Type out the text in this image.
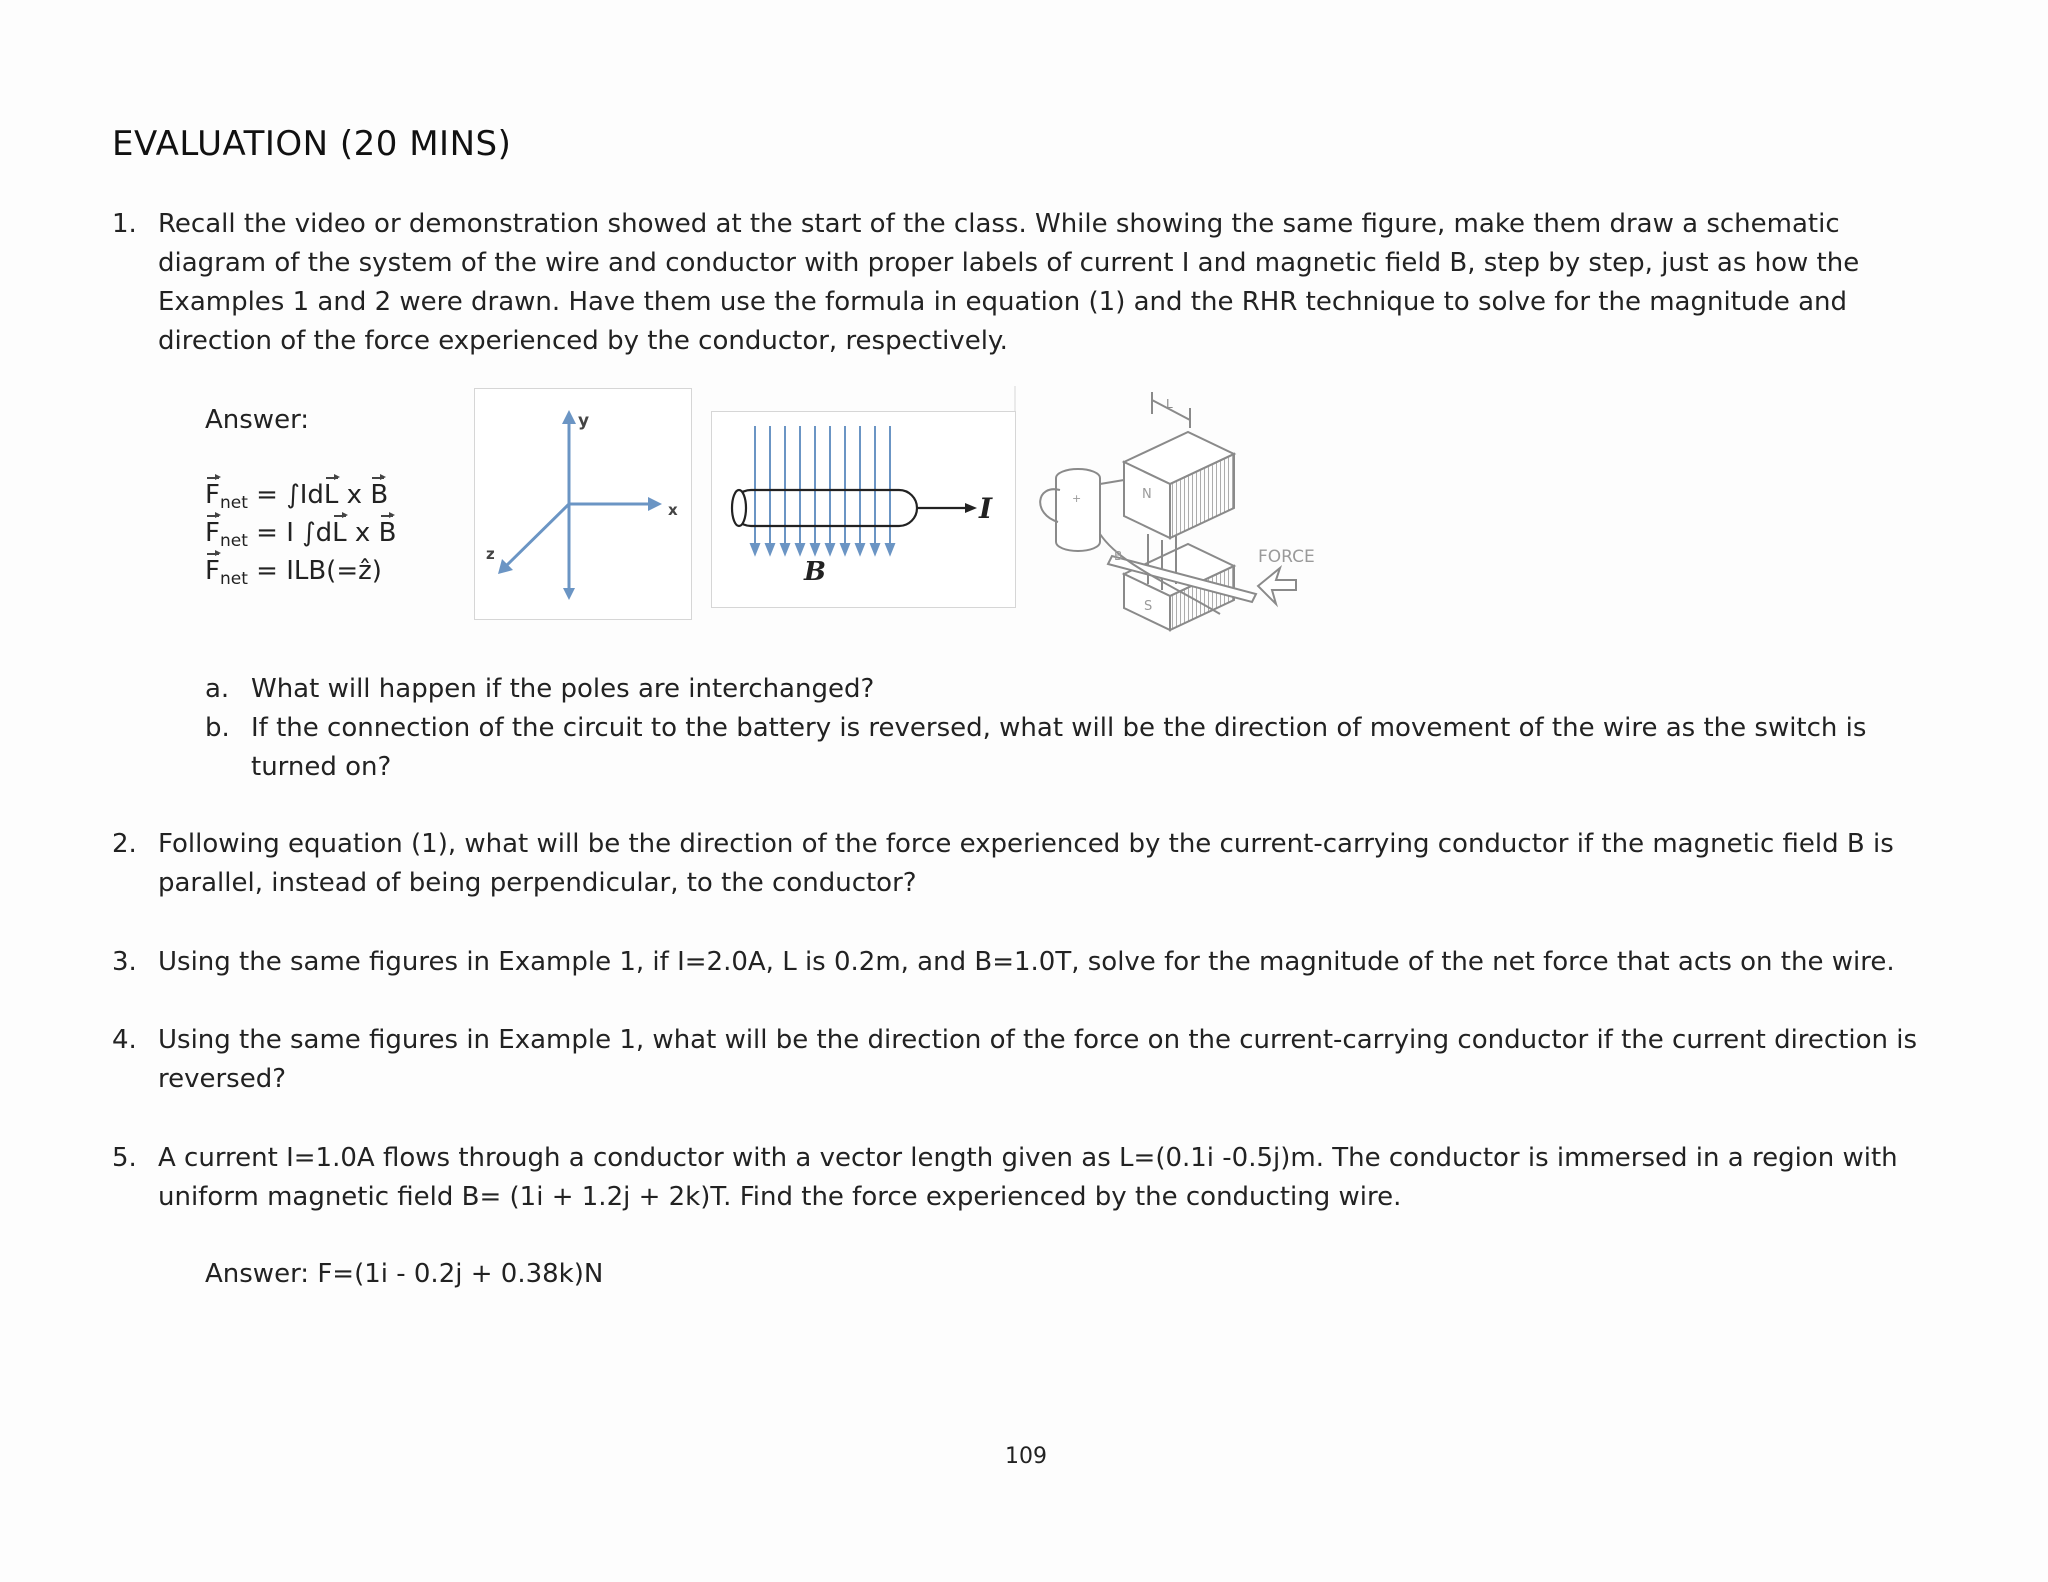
EVALUATION (20 MINS)
1. Recall the video or demonstration showed at the start of the class. While showing the same figure, make them draw a schematic diagram of the system of the wire and conductor with proper labels of current I and magnetic field B, step by step, just as how the Examples 1 and 2 were drawn. Have them use the formula in equation (1) and the RHR technique to solve for the magnitude and direction of the force experienced by the conductor, respectively.
Answer:
$F_{net} = \int IdL$ x B
$F_{net} = I$ ∫dL x B
$F_{net}$ = ILB(=ẑ)
y
x
z
I
B
L
+	N
S
B	FORCE
a. What will happen if the poles are interchanged?
b. If the connection of the circuit to the battery is reversed, what will be the direction of movement of the wire as the switch is turned on?
2. Following equation (1), what will be the direction of the force experienced by the current-carrying conductor if the magnetic field B is parallel, instead of being perpendicular, to the conductor?
3. Using the same figures in Example 1, if I=2.0A, L is 0.2m, and B=1.0T, solve for the magnitude of the net force that acts on the wire.
4. Using the same figures in Example 1, what will be the direction of the force on the current-carrying conductor if the current direction is reversed?
5. A current I=1.0A flows through a conductor with a vector length given as L=(0.1i -0.5j)m. The conductor is immersed in a region with uniform magnetic field B= (1i + 1.2j + 2k)T. Find the force experienced by the conducting wire.
Answer: F=(1i - 0.2j + 0.38k)N
109
